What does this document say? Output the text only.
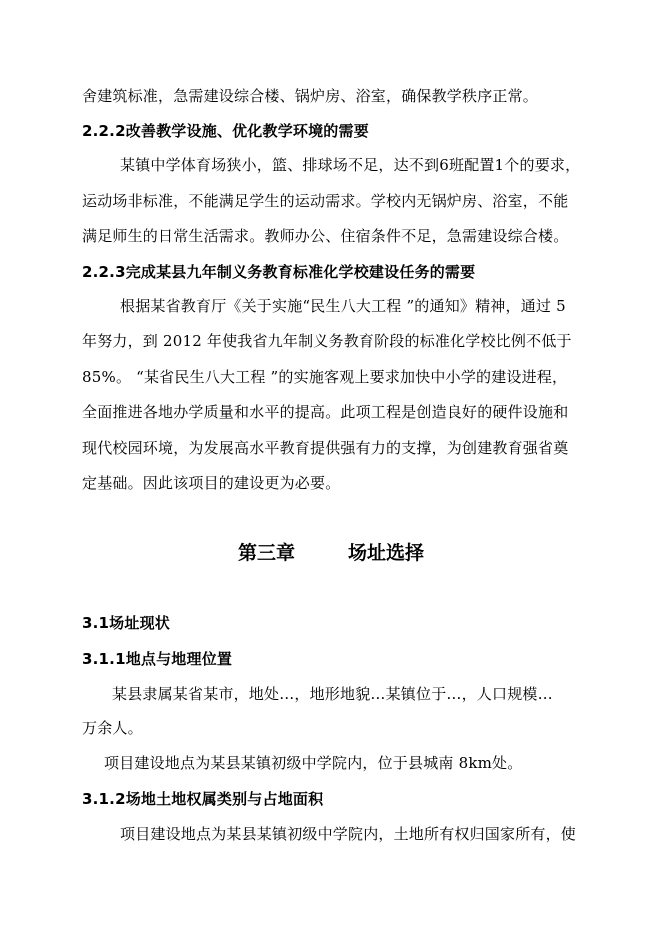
舍建筑标准，急需建设综合楼、锅炉房、浴室，确保教学秩序正常。
2.2.2改善教学设施、优化教学环境的需要
某镇中学体育场狭小，篮、排球场不足，达不到6班配置1个的要求，
运动场非标准，不能满足学生的运动需求。学校内无锅炉房、浴室，不能
满足师生的日常生活需求。教师办公、住宿条件不足，急需建设综合楼。
2.2.3完成某县九年制义务教育标准化学校建设任务的需要
根据某省教育厅《关于实施“民生八大工程 ”的通知》精神，通过 5
年努力，到 2012 年使我省九年制义务教育阶段的标准化学校比例不低于
85%。 “某省民生八大工程 ”的实施客观上要求加快中小学的建设进程，
全面推进各地办学质量和水平的提高。此项工程是创造良好的硬件设施和
现代校园环境，为发展高水平教育提供强有力的支撑，为创建教育强省奠
定基础。因此该项目的建设更为必要。
第三章        场址选择
3.1场址现状
3.1.1地点与地理位置
某县隶属某省某市，地处…，地形地貌…某镇位于…，人口规模…
万余人。
项目建设地点为某县某镇初级中学院内，位于县城南 8km处。
3.1.2场地土地权属类别与占地面积
项目建设地点为某县某镇初级中学院内，土地所有权归国家所有，使
